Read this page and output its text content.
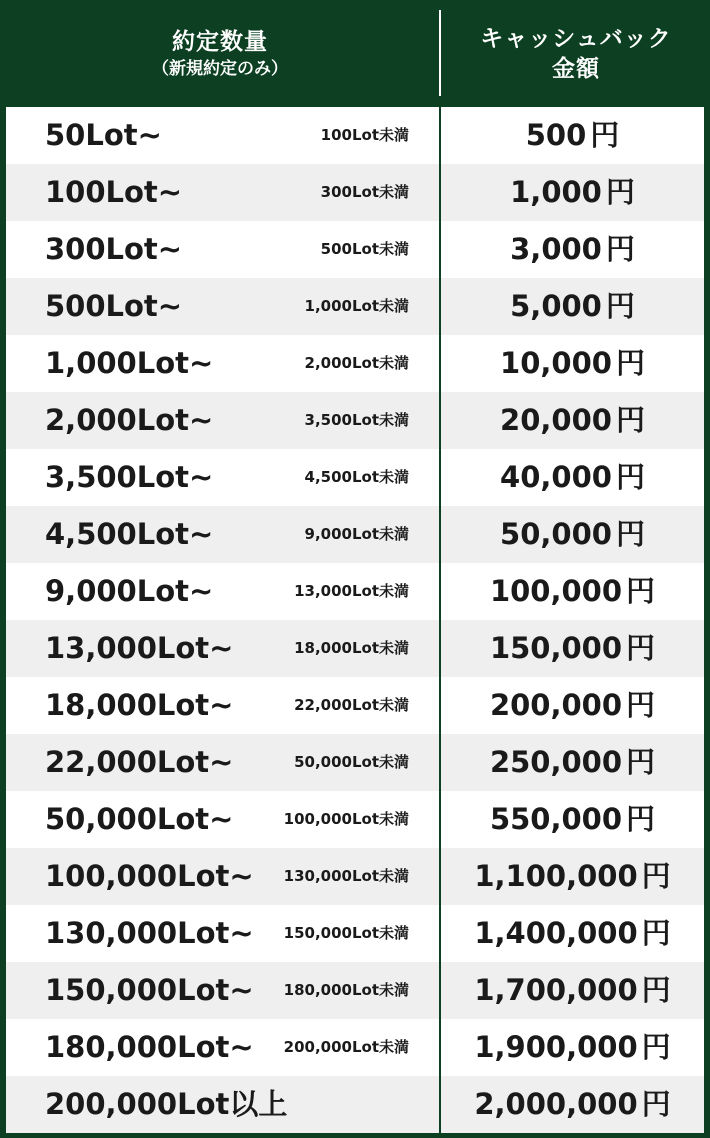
約定数量
（新規約定のみ）
キャッシュバック
金額
50Lot~	100Lot未満	500 円
100Lot~	300Lot未満	1,000 円
300Lot~	500Lot未満	3,000 円
500Lot~	1,000Lot未満	5,000 円
1,000Lot~	2,000Lot未満	10,000 円
2,000Lot~	3,500Lot未満	20,000 円
3,500Lot~	4,500Lot未満	40,000 円
4,500Lot~	9,000Lot未満	50,000 円
9,000Lot~	13,000Lot未満	100,000 円
13,000Lot~	18,000Lot未満	150,000 円
18,000Lot~	22,000Lot未満	200,000 円
22,000Lot~	50,000Lot未満	250,000 円
50,000Lot~	100,000Lot未満	550,000 円
100,000Lot~ 130,000Lot未満	1,100,000 円
130,000Lot~ 150,000Lot未満	1,400,000 円
150,000Lot~ 180,000Lot未満	1,700,000 円
180,000Lot~ 200,000Lot未満	1,900,000 円
200,000Lot以上	2,000,000 円
